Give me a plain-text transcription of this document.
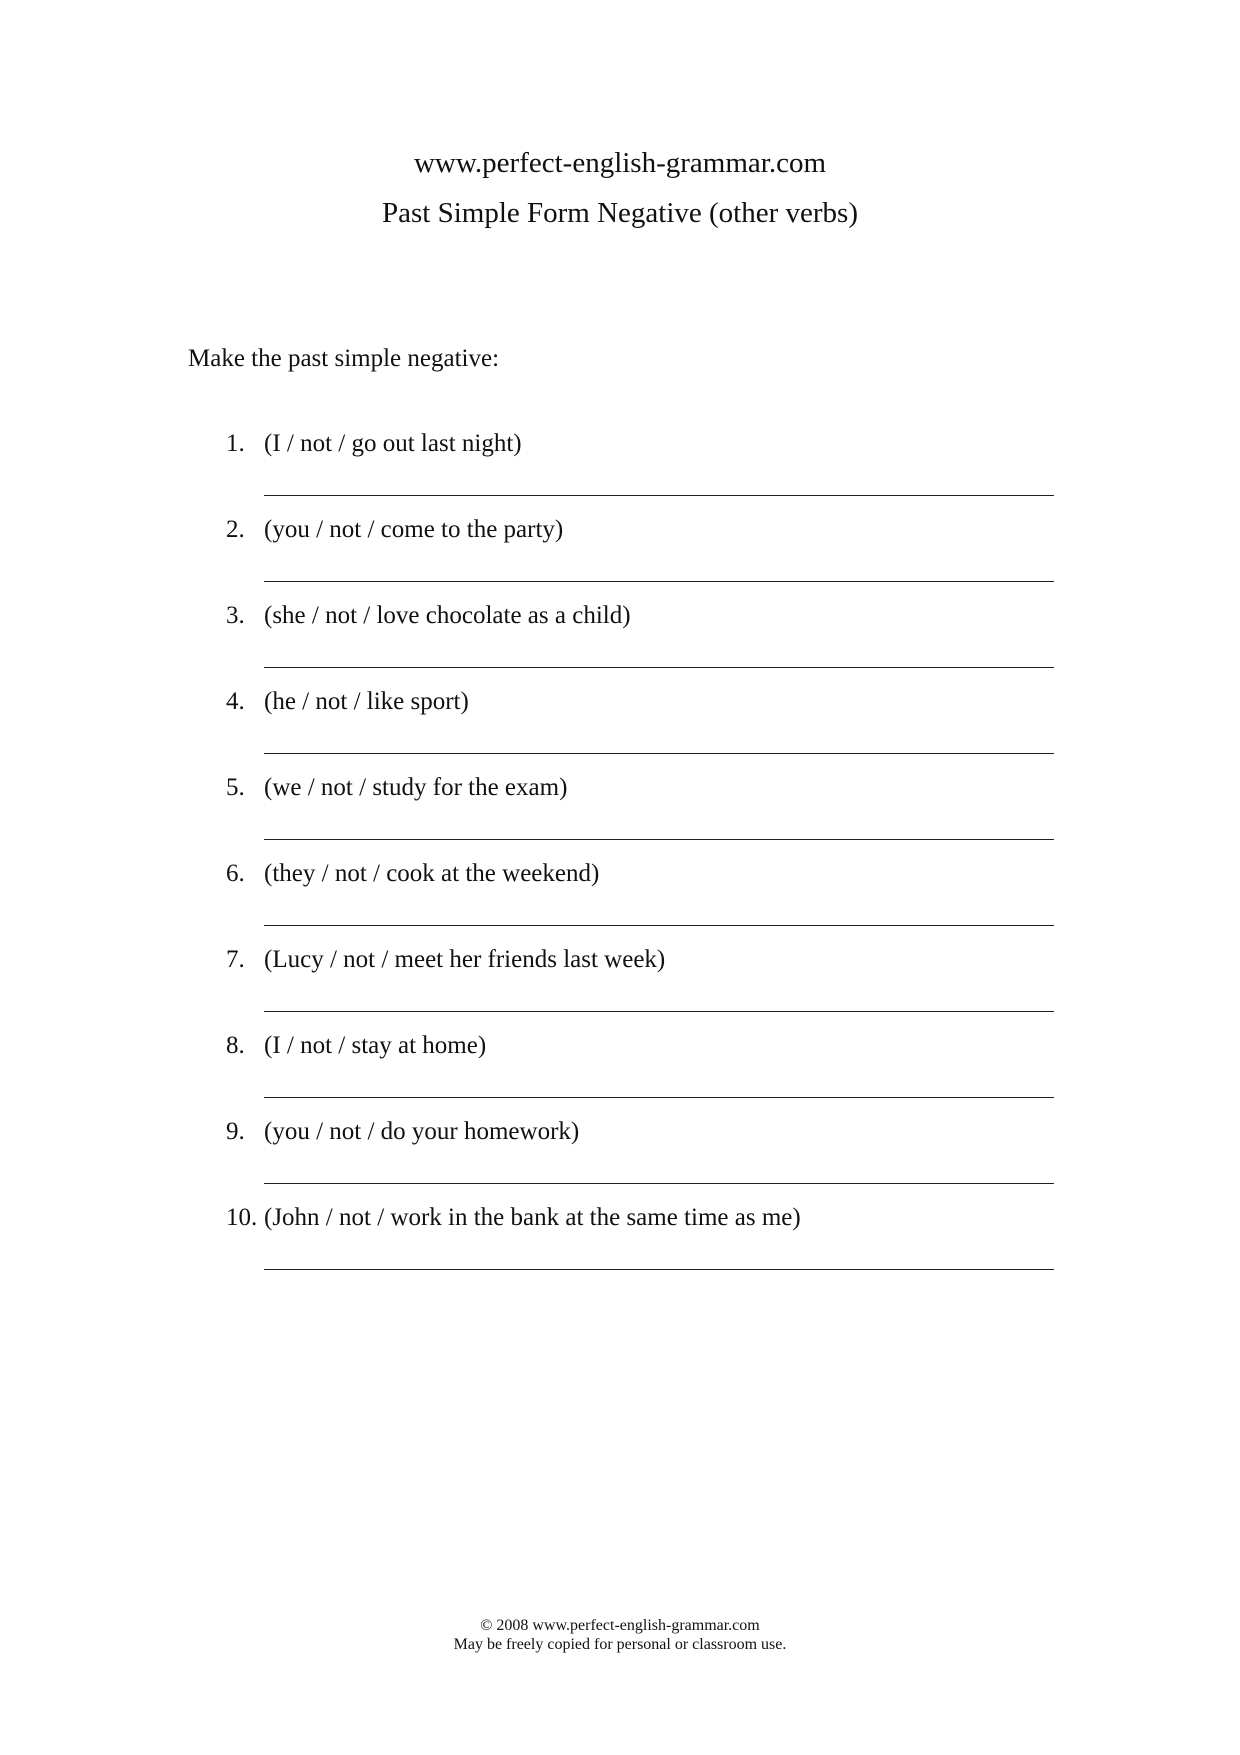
www.perfect-english-grammar.com
Past Simple Form Negative (other verbs)
Make the past simple negative:
1. (I / not / go out last night)
2. (you / not / come to the party)
3. (she / not / love chocolate as a child)
4. (he / not / like sport)
5. (we / not / study for the exam)
6. (they / not / cook at the weekend)
7. (Lucy / not / meet her friends last week)
8. (I / not / stay at home)
9. (you / not / do your homework)
10. (John / not / work in the bank at the same time as me)
© 2008 www.perfect-english-grammar.com
May be freely copied for personal or classroom use.
